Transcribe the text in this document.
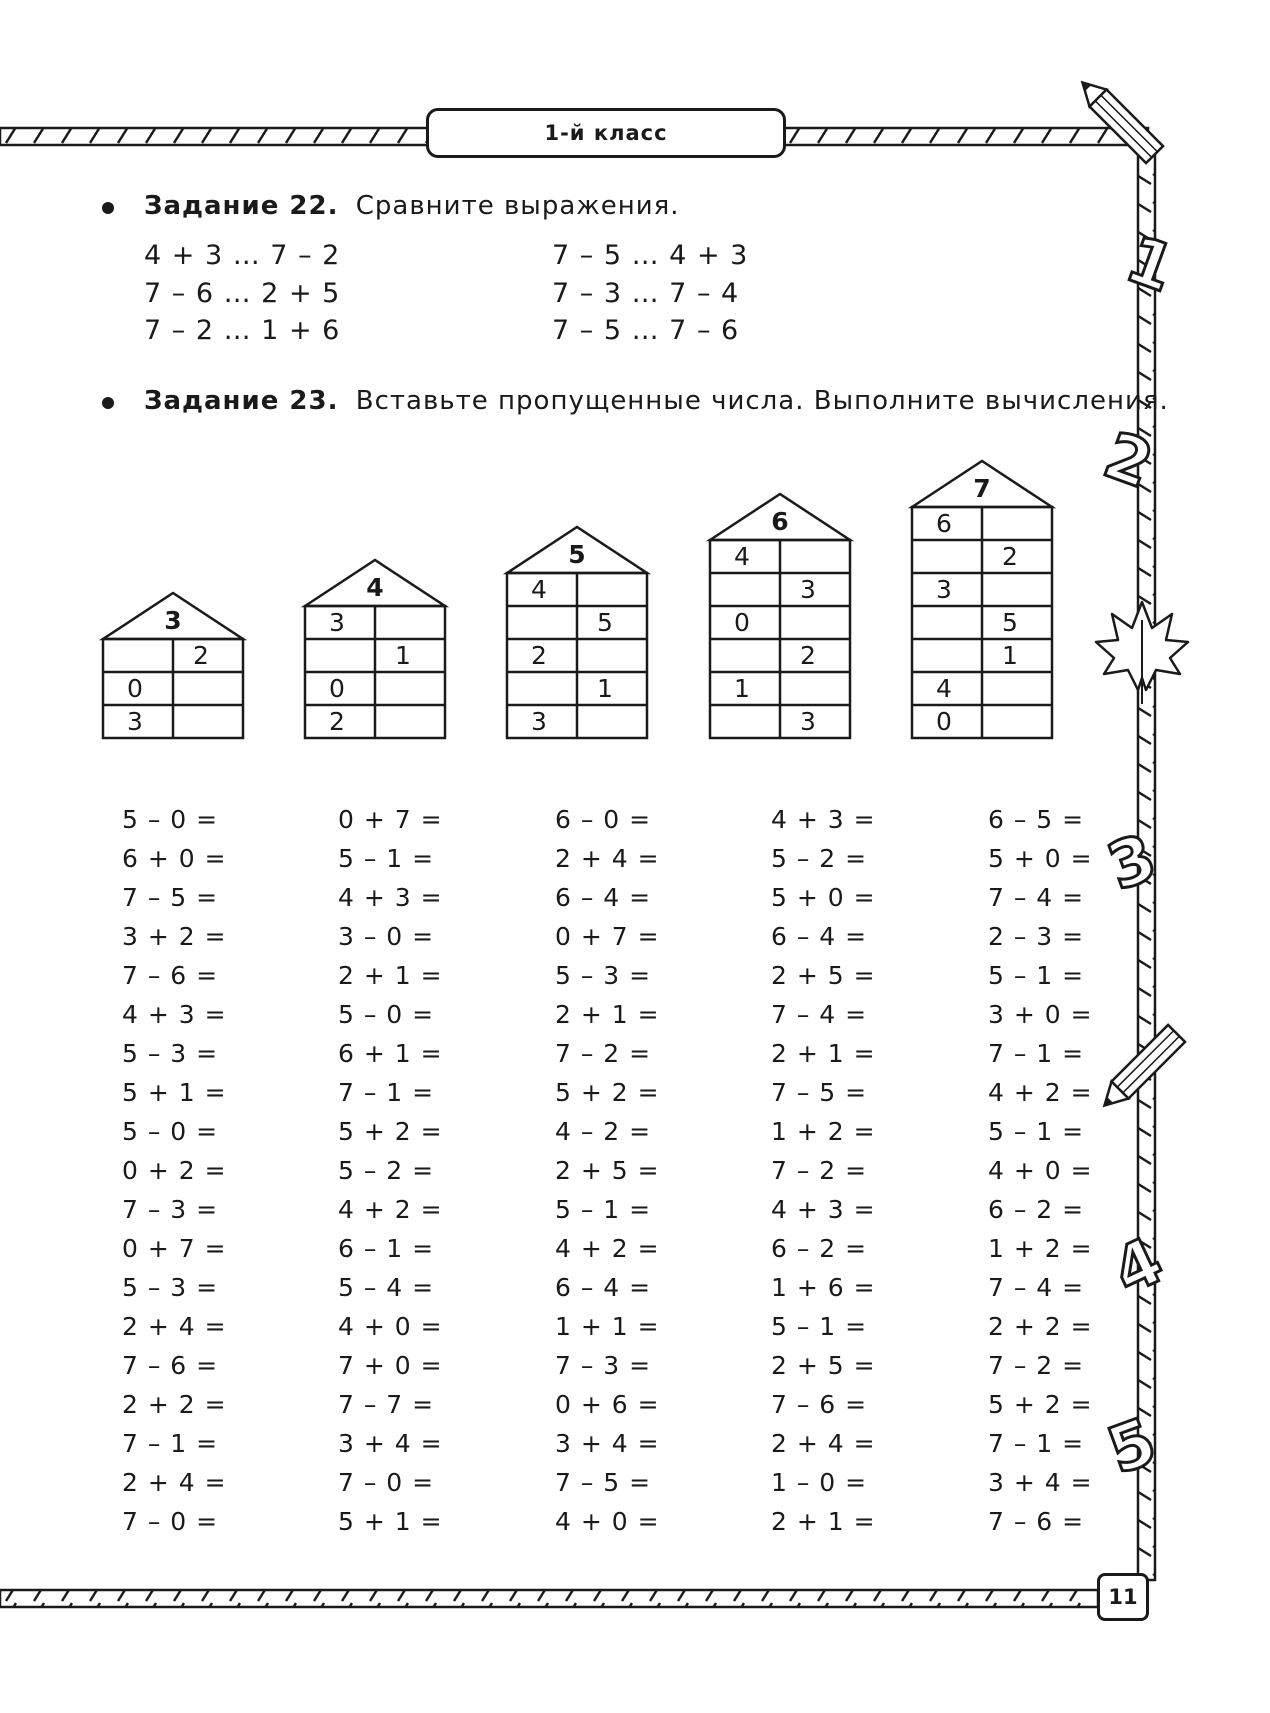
1
2
3
4
5
1-й класс
Задание 22. Сравните выражения.
4 + 3 … 7 – 2
7 – 6 … 2 + 5
7 – 2 … 1 + 6
7 – 5 … 4 + 3
7 – 3 … 7 – 4
7 – 5 … 7 – 6
Задание 23. Вставьте пропущенные числа. Выполните вычисления.
3
2
0
3
4
3
1
0
2
5
4
5
2
1
3
6
4
3
0
2
1
3
7
6
2
3
5
1
4
0
5 – 0 =
6 + 0 =
7 – 5 =
3 + 2 =
7 – 6 =
4 + 3 =
5 – 3 =
5 + 1 =
5 – 0 =
0 + 2 =
7 – 3 =
0 + 7 =
5 – 3 =
2 + 4 =
7 – 6 =
2 + 2 =
7 – 1 =
2 + 4 =
7 – 0 =
0 + 7 =
5 – 1 =
4 + 3 =
3 – 0 =
2 + 1 =
5 – 0 =
6 + 1 =
7 – 1 =
5 + 2 =
5 – 2 =
4 + 2 =
6 – 1 =
5 – 4 =
4 + 0 =
7 + 0 =
7 – 7 =
3 + 4 =
7 – 0 =
5 + 1 =
6 – 0 =
2 + 4 =
6 – 4 =
0 + 7 =
5 – 3 =
2 + 1 =
7 – 2 =
5 + 2 =
4 – 2 =
2 + 5 =
5 – 1 =
4 + 2 =
6 – 4 =
1 + 1 =
7 – 3 =
0 + 6 =
3 + 4 =
7 – 5 =
4 + 0 =
4 + 3 =
5 – 2 =
5 + 0 =
6 – 4 =
2 + 5 =
7 – 4 =
2 + 1 =
7 – 5 =
1 + 2 =
7 – 2 =
4 + 3 =
6 – 2 =
1 + 6 =
5 – 1 =
2 + 5 =
7 – 6 =
2 + 4 =
1 – 0 =
2 + 1 =
6 – 5 =
5 + 0 =
7 – 4 =
2 – 3 =
5 – 1 =
3 + 0 =
7 – 1 =
4 + 2 =
5 – 1 =
4 + 0 =
6 – 2 =
1 + 2 =
7 – 4 =
2 + 2 =
7 – 2 =
5 + 2 =
7 – 1 =
3 + 4 =
7 – 6 =
11
